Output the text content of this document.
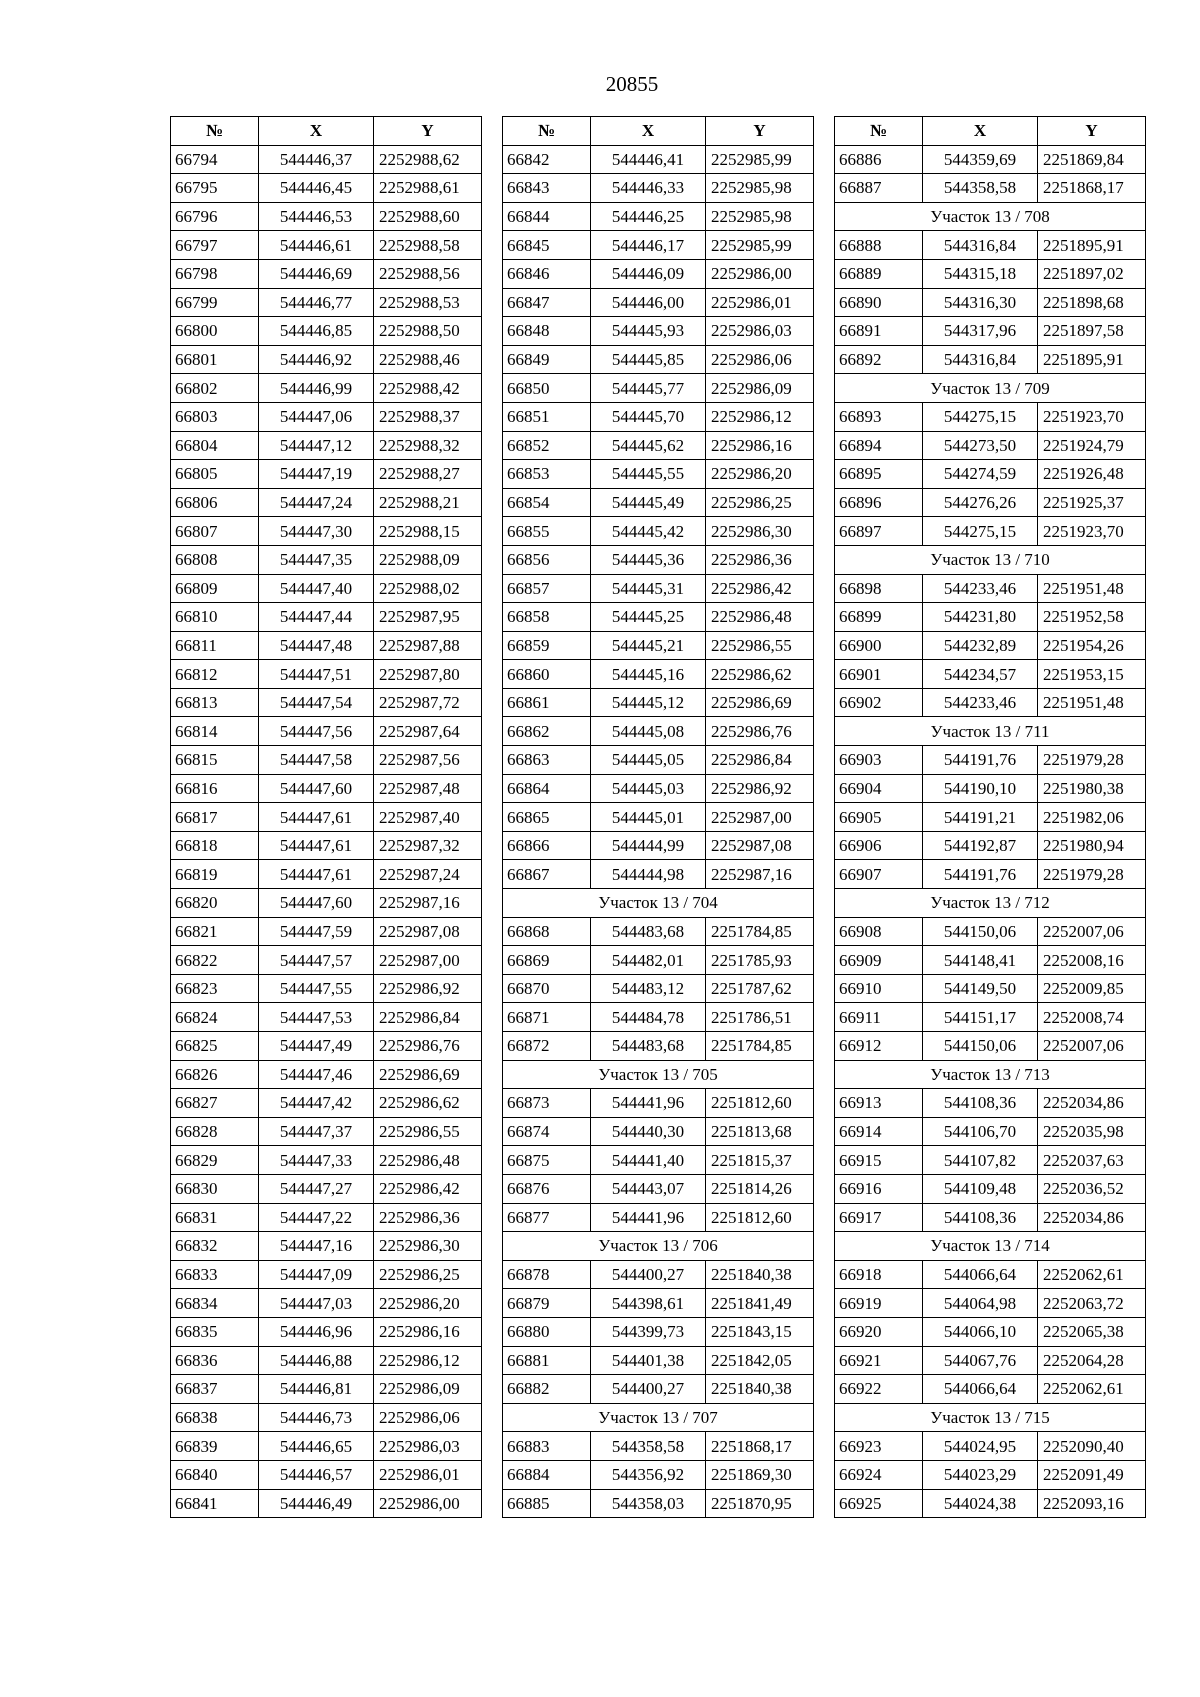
20855
№	X	Y
66794	544446,37	2252988,62
66795	544446,45	2252988,61
66796	544446,53	2252988,60
66797	544446,61	2252988,58
66798	544446,69	2252988,56
66799	544446,77	2252988,53
66800	544446,85	2252988,50
66801	544446,92	2252988,46
66802	544446,99	2252988,42
66803	544447,06	2252988,37
66804	544447,12	2252988,32
66805	544447,19	2252988,27
66806	544447,24	2252988,21
66807	544447,30	2252988,15
66808	544447,35	2252988,09
66809	544447,40	2252988,02
66810	544447,44	2252987,95
66811	544447,48	2252987,88
66812	544447,51	2252987,80
66813	544447,54	2252987,72
66814	544447,56	2252987,64
66815	544447,58	2252987,56
66816	544447,60	2252987,48
66817	544447,61	2252987,40
66818	544447,61	2252987,32
66819	544447,61	2252987,24
66820	544447,60	2252987,16
66821	544447,59	2252987,08
66822	544447,57	2252987,00
66823	544447,55	2252986,92
66824	544447,53	2252986,84
66825	544447,49	2252986,76
66826	544447,46	2252986,69
66827	544447,42	2252986,62
66828	544447,37	2252986,55
66829	544447,33	2252986,48
66830	544447,27	2252986,42
66831	544447,22	2252986,36
66832	544447,16	2252986,30
66833	544447,09	2252986,25
66834	544447,03	2252986,20
66835	544446,96	2252986,16
66836	544446,88	2252986,12
66837	544446,81	2252986,09
66838	544446,73	2252986,06
66839	544446,65	2252986,03
66840	544446,57	2252986,01
66841	544446,49	2252986,00
№	X	Y
66842	544446,41	2252985,99
66843	544446,33	2252985,98
66844	544446,25	2252985,98
66845	544446,17	2252985,99
66846	544446,09	2252986,00
66847	544446,00	2252986,01
66848	544445,93	2252986,03
66849	544445,85	2252986,06
66850	544445,77	2252986,09
66851	544445,70	2252986,12
66852	544445,62	2252986,16
66853	544445,55	2252986,20
66854	544445,49	2252986,25
66855	544445,42	2252986,30
66856	544445,36	2252986,36
66857	544445,31	2252986,42
66858	544445,25	2252986,48
66859	544445,21	2252986,55
66860	544445,16	2252986,62
66861	544445,12	2252986,69
66862	544445,08	2252986,76
66863	544445,05	2252986,84
66864	544445,03	2252986,92
66865	544445,01	2252987,00
66866	544444,99	2252987,08
66867	544444,98	2252987,16
Участок 13 / 704		
66868	544483,68	2251784,85
66869	544482,01	2251785,93
66870	544483,12	2251787,62
66871	544484,78	2251786,51
66872	544483,68	2251784,85
Участок 13 / 705		
66873	544441,96	2251812,60
66874	544440,30	2251813,68
66875	544441,40	2251815,37
66876	544443,07	2251814,26
66877	544441,96	2251812,60
Участок 13 / 706		
66878	544400,27	2251840,38
66879	544398,61	2251841,49
66880	544399,73	2251843,15
66881	544401,38	2251842,05
66882	544400,27	2251840,38
Участок 13 / 707		
66883	544358,58	2251868,17
66884	544356,92	2251869,30
66885	544358,03	2251870,95
№	X	Y
66886	544359,69	2251869,84
66887	544358,58	2251868,17
Участок 13 / 708		
66888	544316,84	2251895,91
66889	544315,18	2251897,02
66890	544316,30	2251898,68
66891	544317,96	2251897,58
66892	544316,84	2251895,91
Участок 13 / 709		
66893	544275,15	2251923,70
66894	544273,50	2251924,79
66895	544274,59	2251926,48
66896	544276,26	2251925,37
66897	544275,15	2251923,70
Участок 13 / 710		
66898	544233,46	2251951,48
66899	544231,80	2251952,58
66900	544232,89	2251954,26
66901	544234,57	2251953,15
66902	544233,46	2251951,48
Участок 13 / 711		
66903	544191,76	2251979,28
66904	544190,10	2251980,38
66905	544191,21	2251982,06
66906	544192,87	2251980,94
66907	544191,76	2251979,28
Участок 13 / 712		
66908	544150,06	2252007,06
66909	544148,41	2252008,16
66910	544149,50	2252009,85
66911	544151,17	2252008,74
66912	544150,06	2252007,06
Участок 13 / 713		
66913	544108,36	2252034,86
66914	544106,70	2252035,98
66915	544107,82	2252037,63
66916	544109,48	2252036,52
66917	544108,36	2252034,86
Участок 13 / 714		
66918	544066,64	2252062,61
66919	544064,98	2252063,72
66920	544066,10	2252065,38
66921	544067,76	2252064,28
66922	544066,64	2252062,61
Участок 13 / 715		
66923	544024,95	2252090,40
66924	544023,29	2252091,49
66925	544024,38	2252093,16
